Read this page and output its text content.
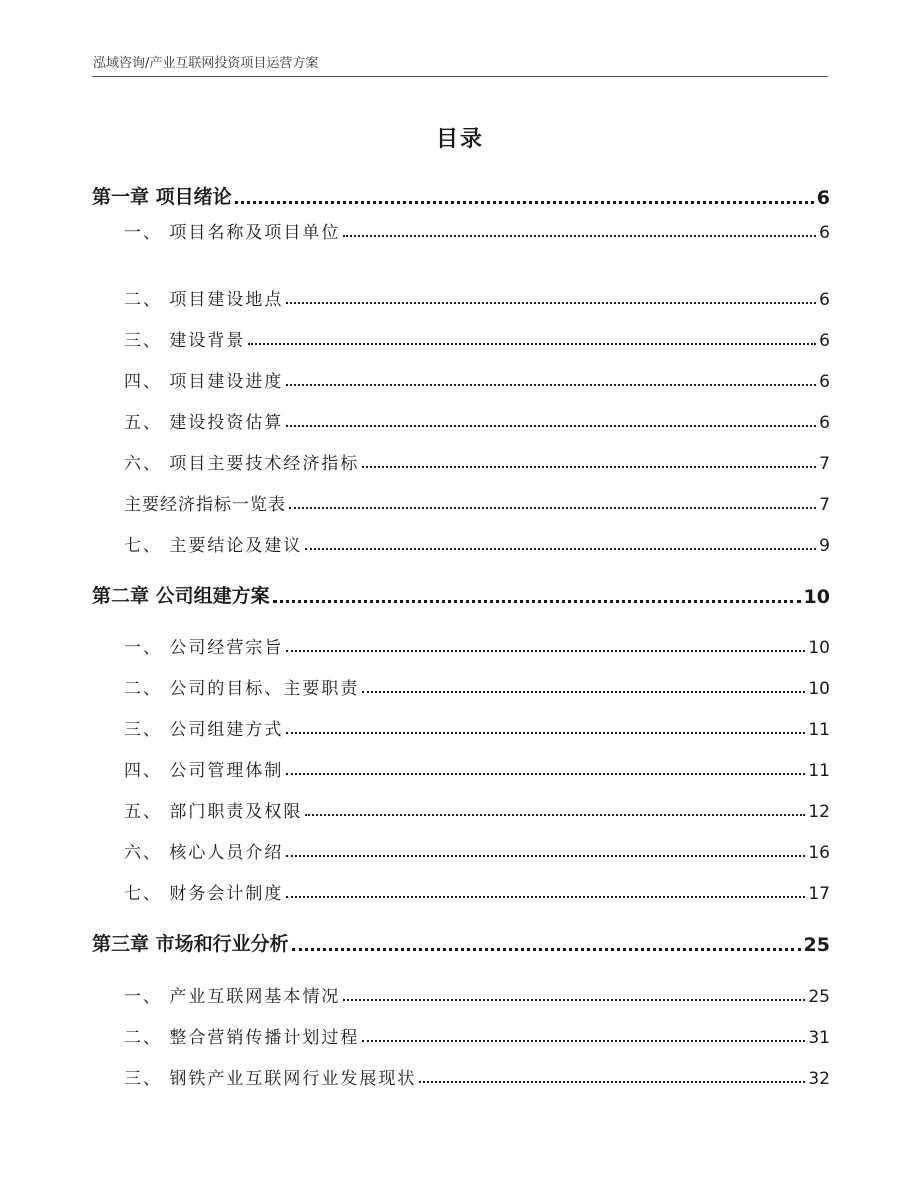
泓域咨询/产业互联网投资项目运营方案
目录
第一章 项目绪论	6
一、 项目名称及项目单位	6
二、 项目建设地点	6
三、 建设背景	6
四、 项目建设进度	6
五、 建设投资估算	6
六、 项目主要技术经济指标	7
主要经济指标一览表	7
七、 主要结论及建议	9
第二章 公司组建方案	10
一、 公司经营宗旨	10
二、 公司的目标、主要职责	10
三、 公司组建方式	11
四、 公司管理体制	11
五、 部门职责及权限	12
六、 核心人员介绍	16
七、 财务会计制度	17
第三章 市场和行业分析	25
一、 产业互联网基本情况	25
二、 整合营销传播计划过程	31
三、 钢铁产业互联网行业发展现状	32
